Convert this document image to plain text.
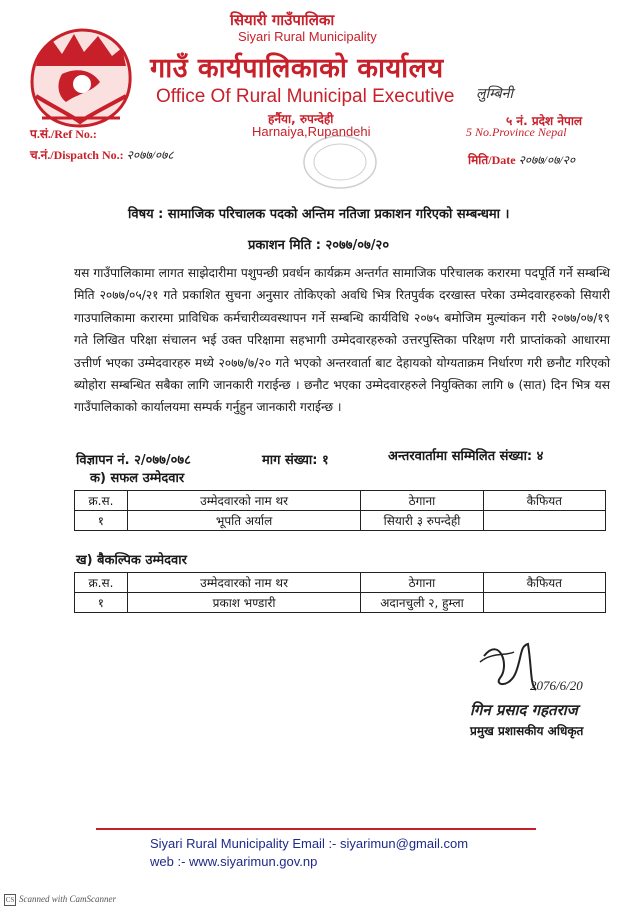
सियारी गाउँपालिका
Siyari Rural Municipality
गाउँ कार्यपालिकाको कार्यालय
Office Of Rural Municipal Executive लुम्बिनी
हर्नैया, रुपन्देही
Harnaiya,Rupandehi
५ नं. प्रदेश नेपाल
5 No.Province Nepal
प.सं./Ref No.:
च.नं./Dispatch No.: २०७७/०७८	मिति/Date २०७७/०७/२०
विषय : सामाजिक परिचालक पदको अन्तिम नतिजा प्रकाशन गरिएको सम्बन्धमा ।
प्रकाशन मिति : २०७७/०७/२०
यस गाउँपालिकामा लागत साझेदारीमा पशुपन्छी प्रवर्धन कार्यक्रम अन्तर्गत सामाजिक परिचालक करारमा पदपूर्ति गर्ने सम्बन्धि मिति २०७७/०५/२१ गते प्रकाशित सुचना अनुसार तोकिएको अवधि भित्र रितपुर्वक दरखास्त परेका उम्मेदवारहरुको सियारी गाउपालिकामा करारमा प्राविधिक कर्मचारीव्यवस्थापन गर्ने सम्बन्धि कार्यविधि २०७५ बमोजिम मुल्यांकन गरी २०७७/०७/१९ गते लिखित परिक्षा संचालन भई उक्त परिक्षामा सहभागी उम्मेदवारहरुको उत्तरपुस्तिका परिक्षण गरी प्राप्तांकको आधारमा उत्तीर्ण भएका उम्मेदवारहरु मध्ये २०७७/७/२० गते भएको अन्तरवार्ता बाट देहायको योग्यताक्रम निर्धारण गरी छनौट गरिएको ब्योहोरा सम्बन्धित सबैका लागि जानकारी गराईन्छ । छनौट भएका उम्मेदवारहरुले नियुक्तिका लागि ७ (सात) दिन भित्र यस गाउँपालिकाको कार्यालयमा सम्पर्क गर्नुहुन जानकारी गराईन्छ ।
विज्ञापन नं. २/०७७/०७८	माग संख्या: १	अन्तरवार्तामा सम्मिलित संख्या: ४
क) सफल उम्मेदवार
क्र.स.	उम्मेदवारको नाम थर	ठेगाना	कैफियत
१	भूपति अर्याल	सियारी ३ रुपन्देही	
ख) बैकल्पिक उम्मेदवार
क्र.स.	उम्मेदवारको नाम थर	ठेगाना	कैफियत
१	प्रकाश भण्डारी	अदानचुली २, हुम्ला	
2076/6/20
गिन प्रसाद गहतराज
प्रमुख प्रशासकीय अधिकृत
Siyari Rural Municipality Email :- siyarimun@gmail.com
web :- www.siyarimun.gov.np
CS Scanned with CamScanner
